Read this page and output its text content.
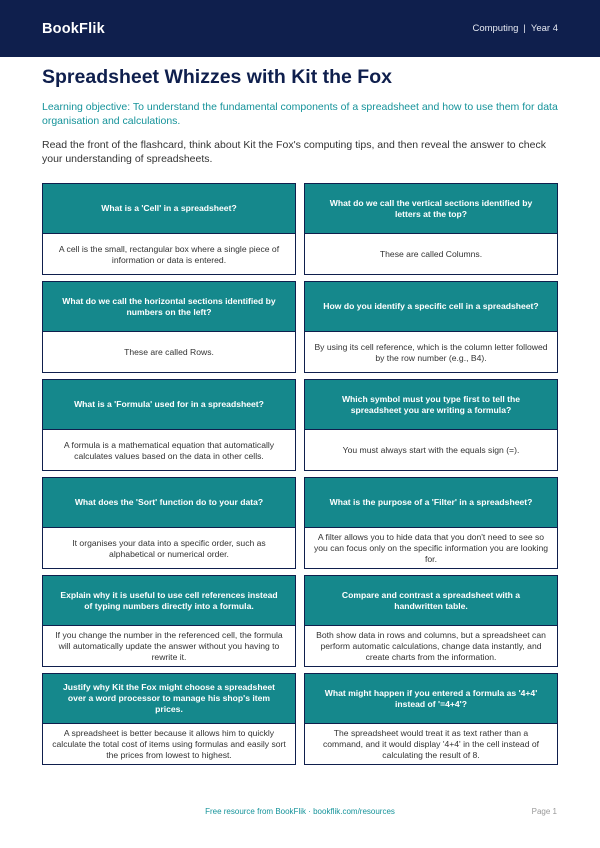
BookFlik	Computing | Year 4
Spreadsheet Whizzes with Kit the Fox
Learning objective: To understand the fundamental components of a spreadsheet and how to use them for data organisation and calculations.
Read the front of the flashcard, think about Kit the Fox's computing tips, and then reveal the answer to check your understanding of spreadsheets.
What is a 'Cell' in a spreadsheet?
A cell is the small, rectangular box where a single piece of information or data is entered.
What do we call the vertical sections identified by letters at the top?
These are called Columns.
What do we call the horizontal sections identified by numbers on the left?
These are called Rows.
How do you identify a specific cell in a spreadsheet?
By using its cell reference, which is the column letter followed by the row number (e.g., B4).
What is a 'Formula' used for in a spreadsheet?
A formula is a mathematical equation that automatically calculates values based on the data in other cells.
Which symbol must you type first to tell the spreadsheet you are writing a formula?
You must always start with the equals sign (=).
What does the 'Sort' function do to your data?
It organises your data into a specific order, such as alphabetical or numerical order.
What is the purpose of a 'Filter' in a spreadsheet?
A filter allows you to hide data that you don't need to see so you can focus only on the specific information you are looking for.
Explain why it is useful to use cell references instead of typing numbers directly into a formula.
If you change the number in the referenced cell, the formula will automatically update the answer without you having to rewrite it.
Compare and contrast a spreadsheet with a handwritten table.
Both show data in rows and columns, but a spreadsheet can perform automatic calculations, change data instantly, and create charts from the information.
Justify why Kit the Fox might choose a spreadsheet over a word processor to manage his shop's item prices.
A spreadsheet is better because it allows him to quickly calculate the total cost of items using formulas and easily sort the prices from lowest to highest.
What might happen if you entered a formula as '4+4' instead of '=4+4'?
The spreadsheet would treat it as text rather than a command, and it would display '4+4' in the cell instead of calculating the result of 8.
Free resource from BookFlik · bookflik.com/resources	Page 1
